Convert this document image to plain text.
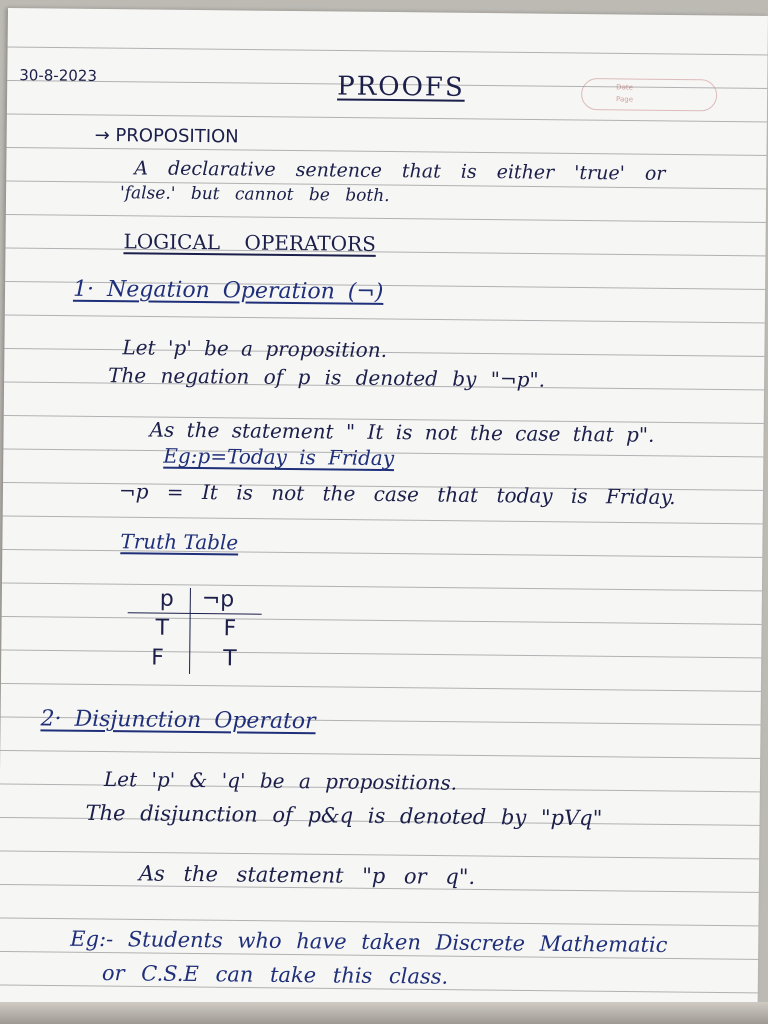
30-8-2023	PROOFS	Date
Page
→ PROPOSITION
A declarative sentence that is either 'true' or
'false.' but cannot be both.
LOGICAL OPERATORS
1· Negation Operation (¬)
Let 'p' be a proposition.
The negation of p is denoted by "¬p".
As the statement " It is not the case that p".
Eg:p=Today is Friday
¬p = It is not the case that today is Friday.
Truth Table
p ¬p
T F
F	T
2· Disjunction Operator
Let 'p' & 'q' be a propositions.
The disjunction of p&q is denoted by "pVq"
As the statement "p or q".
Eg:- Students who have taken Discrete Mathematic
or C.S.E can take this class.
